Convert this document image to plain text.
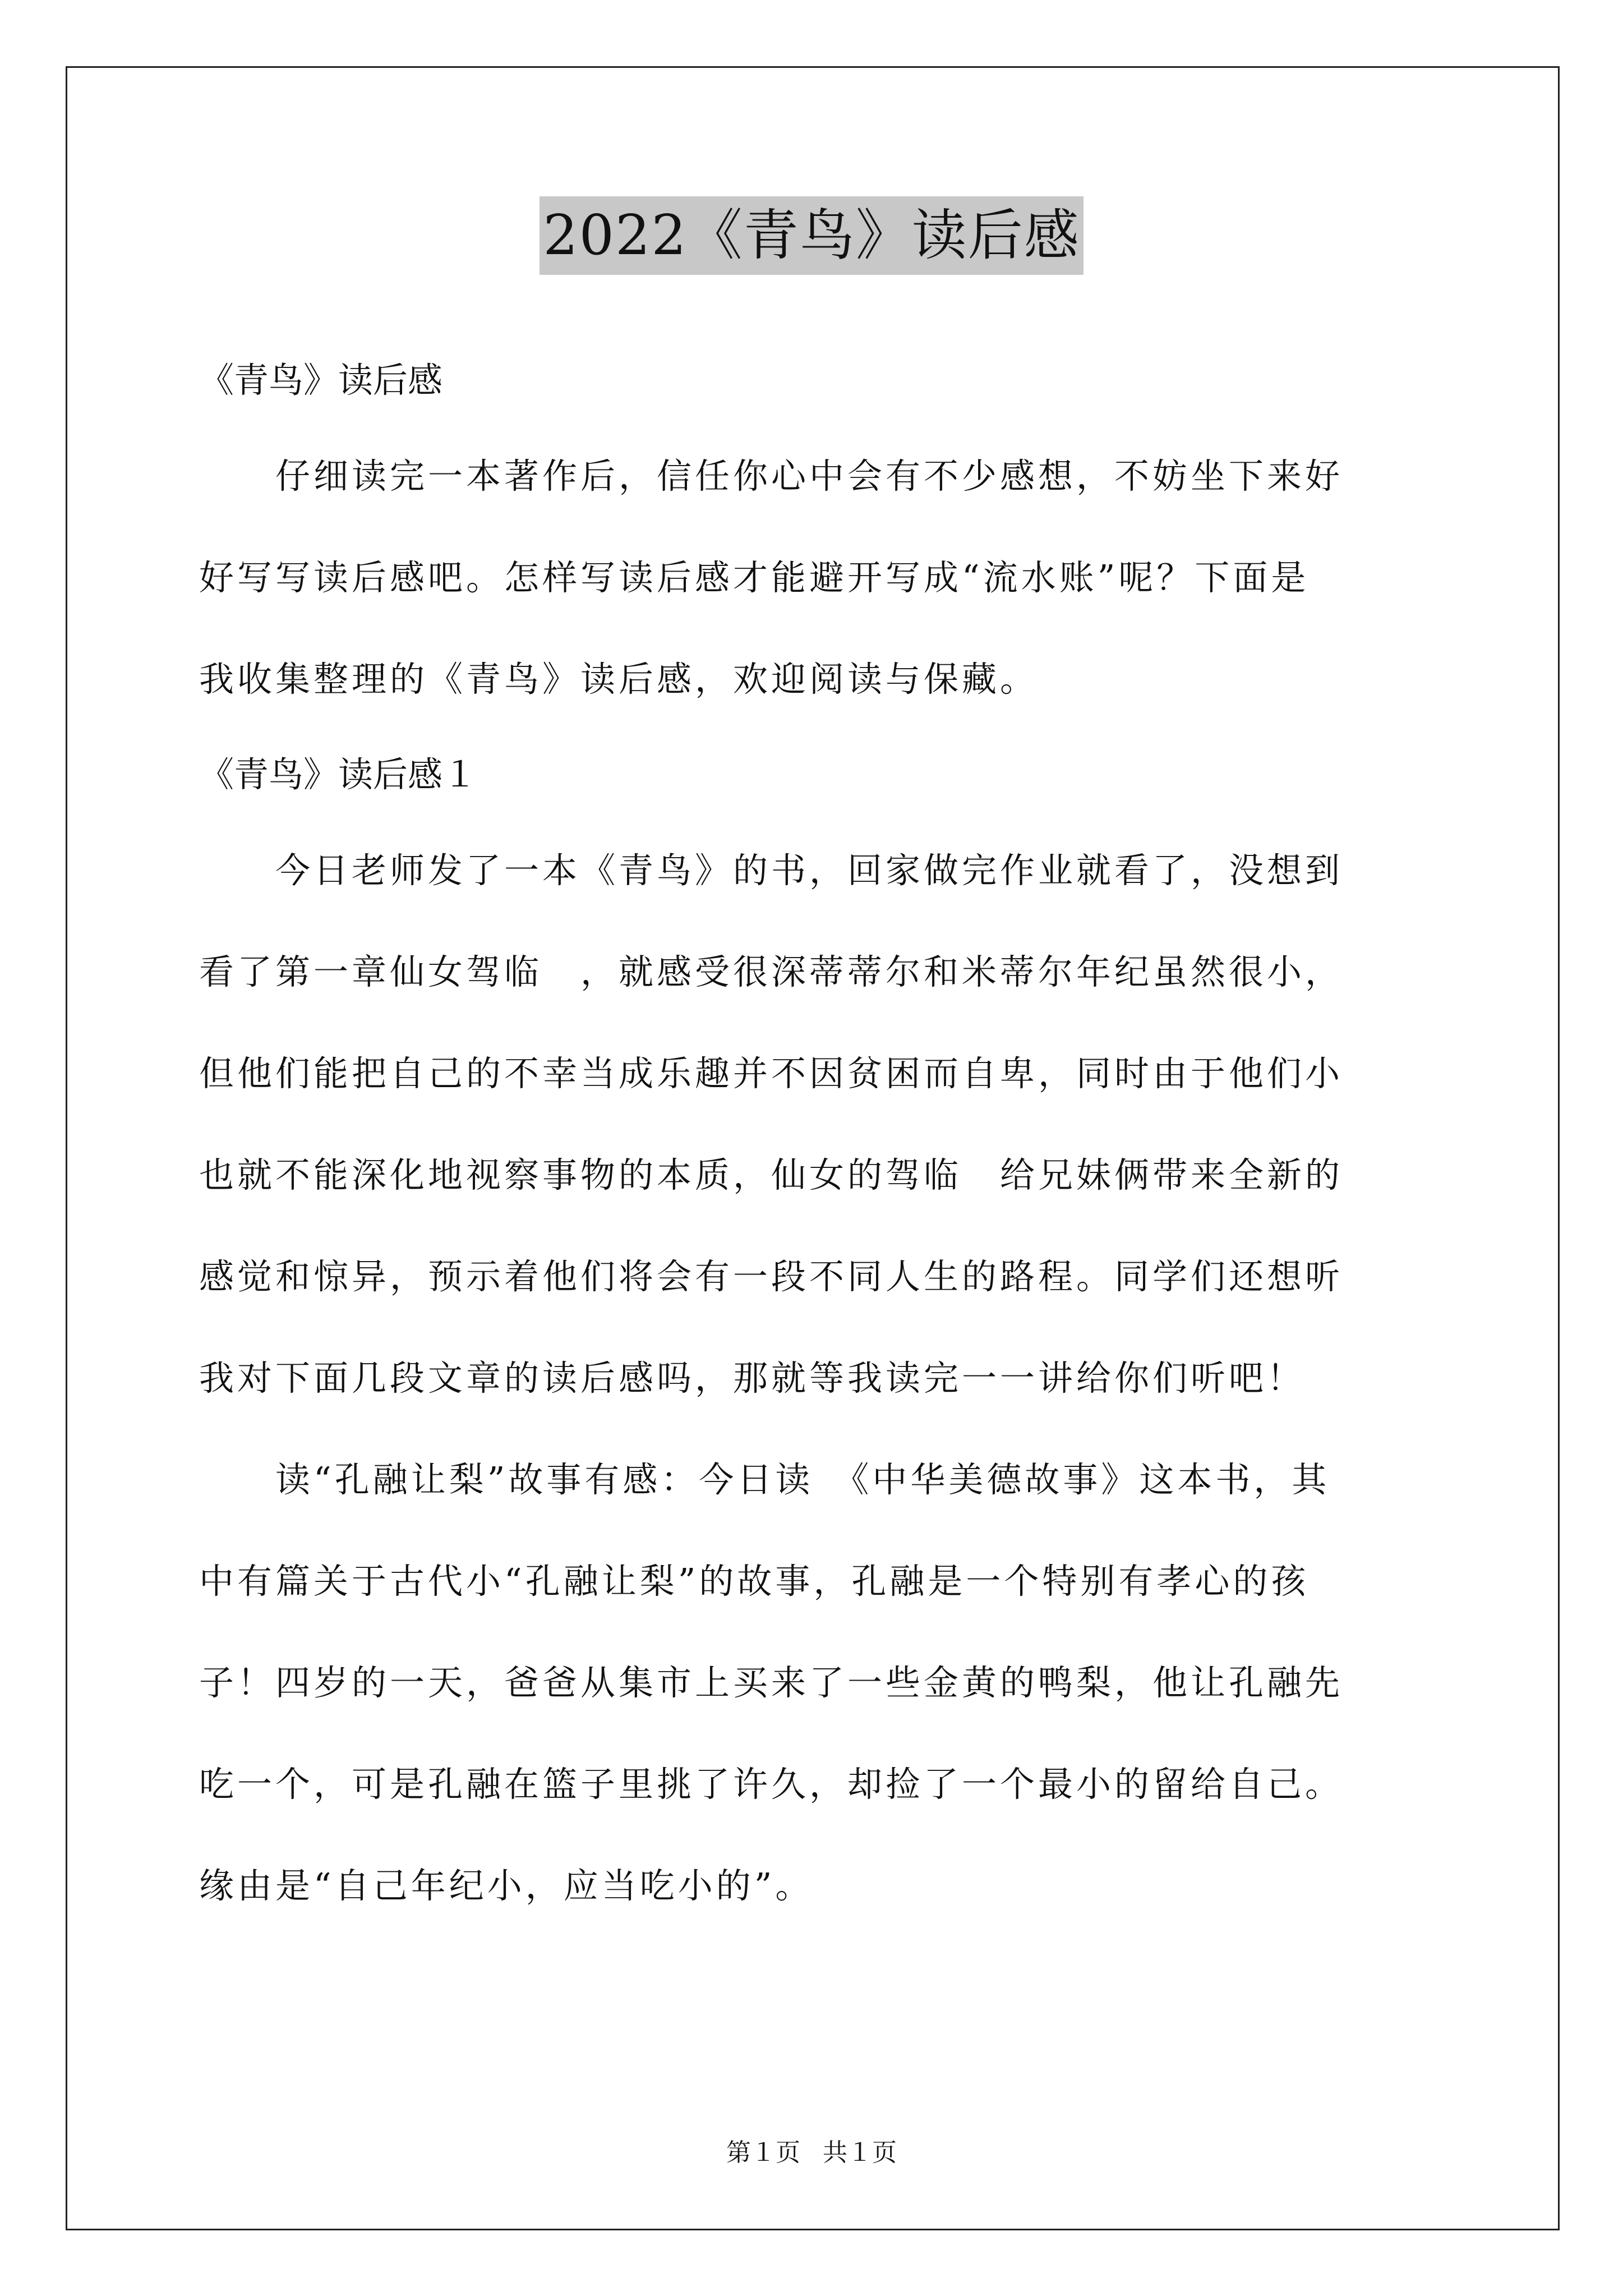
2022《青鸟》读后感

《青鸟》读后感

　　仔细读完一本著作后，信任你心中会有不少感想，不妨坐下来好
好写写读后感吧。怎样写读后感才能避开写成“流水账”呢？下面是
我收集整理的《青鸟》读后感，欢迎阅读与保藏。

《青鸟》读后感１

　　今日老师发了一本《青鸟》的书，回家做完作业就看了，没想到
看了第一章仙女驾临　，就感受很深蒂蒂尔和米蒂尔年纪虽然很小，
但他们能把自己的不幸当成乐趣并不因贫困而自卑，同时由于他们小
也就不能深化地视察事物的本质，仙女的驾临　给兄妹俩带来全新的
感觉和惊异，预示着他们将会有一段不同人生的路程。同学们还想听
我对下面几段文章的读后感吗，那就等我读完一一讲给你们听吧！

　　读“孔融让梨”故事有感：今日读　《中华美德故事》这本书，其
中有篇关于古代小“孔融让梨”的故事，孔融是一个特别有孝心的孩
子！四岁的一天，爸爸从集市上买来了一些金黄的鸭梨，他让孔融先
吃一个，可是孔融在篮子里挑了许久，却捡了一个最小的留给自己。
缘由是“自己年纪小，应当吃小的”。

第１页 共１页
